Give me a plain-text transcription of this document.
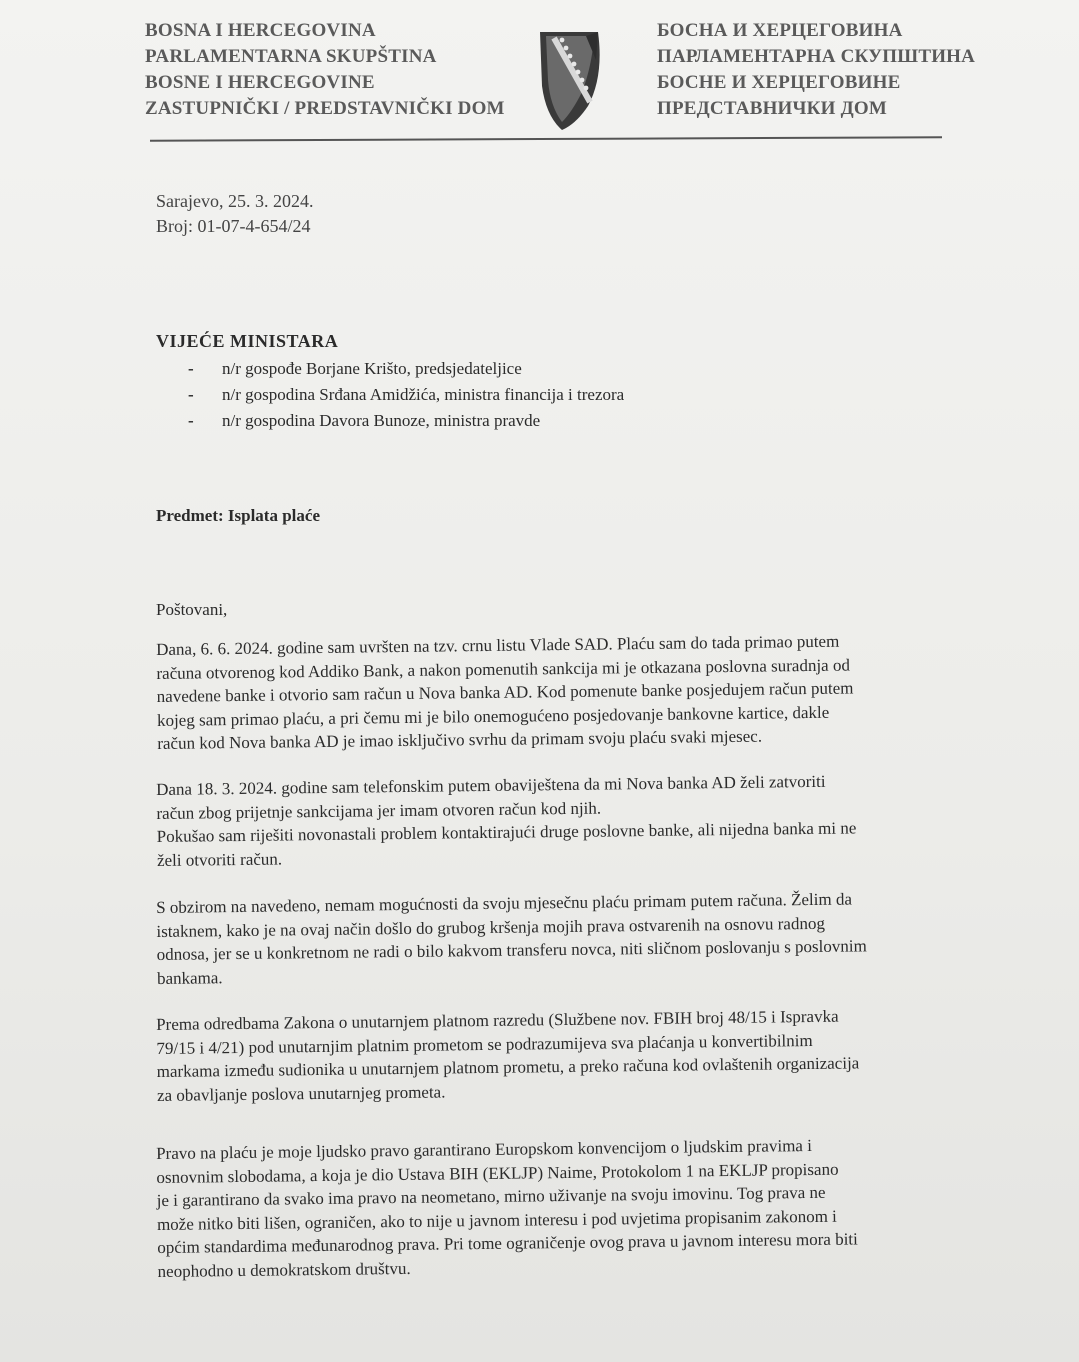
BOSNA I HERCEGOVINA
PARLAMENTARNA SKUPŠTINA
BOSNE I HERCEGOVINE
ZASTUPNIČKI / PREDSTAVNIČKI DOM
БОСНА И ХЕРЦЕГОВИНА
ПАРЛАМЕНТАРНА СКУПШТИНА
БОСНЕ И ХЕРЦЕГОВИНЕ
ПРЕДСТАВНИЧКИ ДОМ
Sarajevo, 25. 3. 2024.
Broj: 01-07-4-654/24
VIJEĆE MINISTARA
- n/r gospođe Borjane Krišto, predsjedateljice
- n/r gospodina Srđana Amidžića, ministra financija i trezora
- n/r gospodina Davora Bunoze, ministra pravde
Predmet: Isplata plaće
Poštovani,
Dana, 6. 6. 2024. godine sam uvršten na tzv. crnu listu Vlade SAD. Plaću sam do tada primao putem
računa otvorenog kod Addiko Bank, a nakon pomenutih sankcija mi je otkazana poslovna suradnja od
navedene banke i otvorio sam račun u Nova banka AD. Kod pomenute banke posjedujem račun putem
kojeg sam primao plaću, a pri čemu mi je bilo onemogućeno posjedovanje bankovne kartice, dakle
račun kod Nova banka AD je imao isključivo svrhu da primam svoju plaću svaki mjesec.
Dana 18. 3. 2024. godine sam telefonskim putem obaviještena da mi Nova banka AD želi zatvoriti
račun zbog prijetnje sankcijama jer imam otvoren račun kod njih.
Pokušao sam riješiti novonastali problem kontaktirajući druge poslovne banke, ali nijedna banka mi ne
želi otvoriti račun.
S obzirom na navedeno, nemam mogućnosti da svoju mjesečnu plaću primam putem računa. Želim da
istaknem, kako je na ovaj način došlo do grubog kršenja mojih prava ostvarenih na osnovu radnog
odnosa, jer se u konkretnom ne radi o bilo kakvom transferu novca, niti sličnom poslovanju s poslovnim
bankama.
Prema odredbama Zakona o unutarnjem platnom razredu (Službene nov. FBIH broj 48/15 i Ispravka
79/15 i 4/21) pod unutarnjim platnim prometom se podrazumijeva sva plaćanja u konvertibilnim
markama između sudionika u unutarnjem platnom prometu, a preko računa kod ovlaštenih organizacija
za obavljanje poslova unutarnjeg prometa.
Pravo na plaću je moje ljudsko pravo garantirano Europskom konvencijom o ljudskim pravima i
osnovnim slobodama, a koja je dio Ustava BIH (EKLJP) Naime, Protokolom 1 na EKLJP propisano
je i garantirano da svako ima pravo na neometano, mirno uživanje na svoju imovinu. Tog prava ne
može nitko biti lišen, ograničen, ako to nije u javnom interesu i pod uvjetima propisanim zakonom i
općim standardima međunarodnog prava. Pri tome ograničenje ovog prava u javnom interesu mora biti
neophodno u demokratskom društvu.
